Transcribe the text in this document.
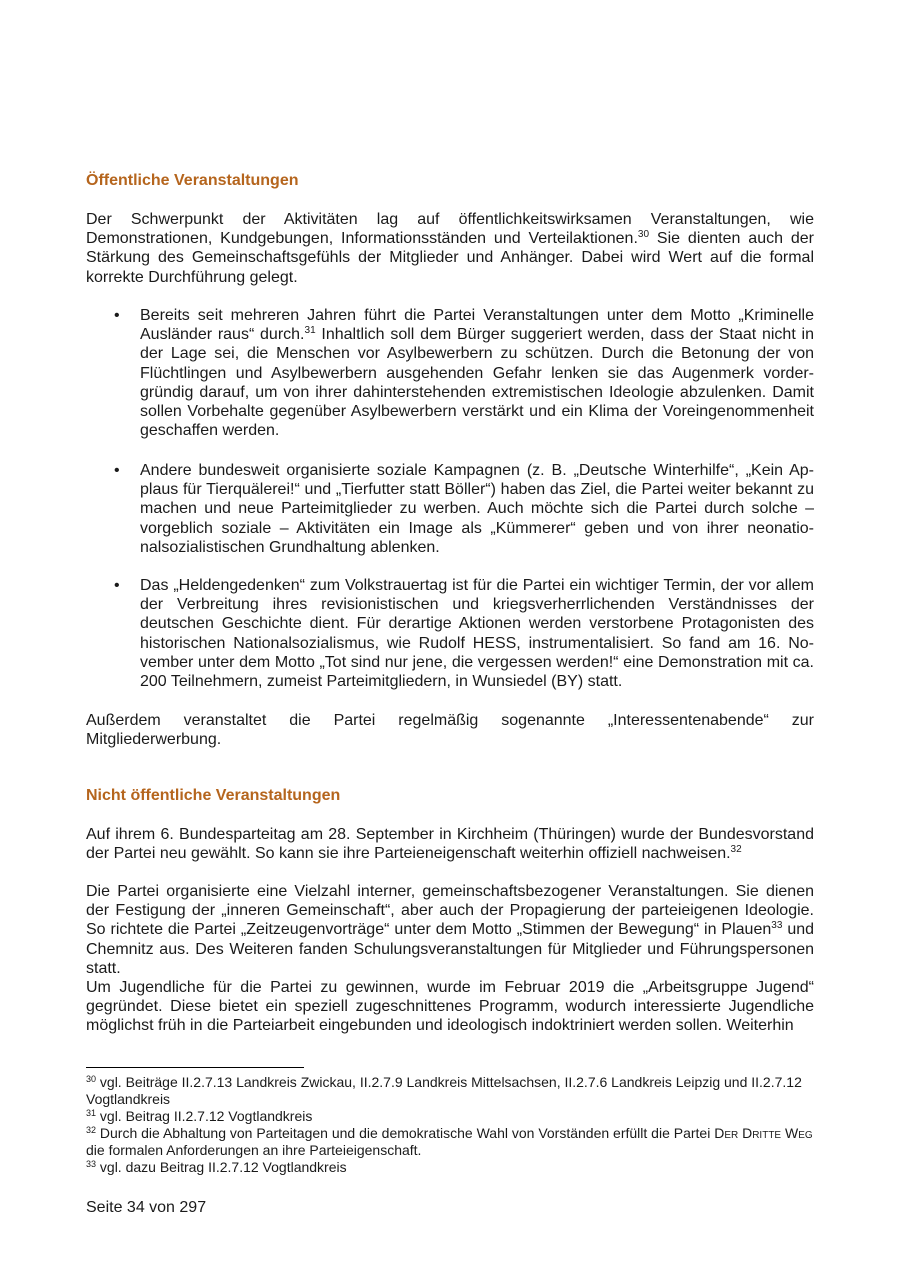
Öffentliche Veranstaltungen

Der Schwerpunkt der Aktivitäten lag auf öffentlichkeitswirksamen Veranstaltungen, wie Demonstrationen, Kundgebungen, Informationsständen und Verteilaktionen.$^{30}$ Sie dienten auch der Stärkung des Gemeinschaftsgefühls der Mitglieder und Anhänger. Dabei wird Wert auf die formal korrekte Durchführung gelegt.

• Bereits seit mehreren Jahren führt die Partei Veranstaltungen unter dem Motto „Kriminelle Ausländer raus“ durch.$^{31}$ Inhaltlich soll dem Bürger suggeriert werden, dass der Staat nicht in der Lage sei, die Menschen vor Asylbewerbern zu schützen. Durch die Betonung der von Flüchtlingen und Asylbewerbern ausgehenden Gefahr lenken sie das Augenmerk vordergründig darauf, um von ihrer dahinterstehenden extremistischen Ideologie abzulenken. Damit sollen Vorbehalte gegenüber Asylbewerbern verstärkt und ein Klima der Voreingenommenheit geschaffen werden.
• Andere bundesweit organisierte soziale Kampagnen (z. B. „Deutsche Winterhilfe“, „Kein Applaus für Tierquälerei!“ und „Tierfutter statt Böller“) haben das Ziel, die Partei weiter bekannt zu machen und neue Parteimitglieder zu werben. Auch möchte sich die Partei durch solche – vorgeblich soziale – Aktivitäten ein Image als „Kümmerer“ geben und von ihrer neonationalsozialistischen Grundhaltung ablenken.
• Das „Heldengedenken“ zum Volkstrauertag ist für die Partei ein wichtiger Termin, der vor allem der Verbreitung ihres revisionistischen und kriegsverherrlichenden Verständnisses der deutschen Geschichte dient. Für derartige Aktionen werden verstorbene Protagonisten des historischen Nationalsozialismus, wie Rudolf HESS, instrumentalisiert. So fand am 16. November unter dem Motto „Tot sind nur jene, die vergessen werden!“ eine Demonstration mit ca. 200 Teilnehmern, zumeist Parteimitgliedern, in Wunsiedel (BY) statt.

Außerdem veranstaltet die Partei regelmäßig sogenannte „Interessentenabende“ zur Mitgliederwerbung.

Nicht öffentliche Veranstaltungen

Auf ihrem 6. Bundesparteitag am 28. September in Kirchheim (Thüringen) wurde der Bundesvorstand der Partei neu gewählt. So kann sie ihre Parteieneigenschaft weiterhin offiziell nachweisen.$^{32}$

Die Partei organisierte eine Vielzahl interner, gemeinschaftsbezogener Veranstaltungen. Sie dienen der Festigung der „inneren Gemeinschaft“, aber auch der Propagierung der parteieigenen Ideologie. So richtete die Partei „Zeitzeugenvorträge“ unter dem Motto „Stimmen der Bewegung“ in Plauen$^{33}$ und Chemnitz aus. Des Weiteren fanden Schulungsveranstaltungen für Mitglieder und Führungspersonen statt.

Um Jugendliche für die Partei zu gewinnen, wurde im Februar 2019 die „Arbeitsgruppe Jugend“ gegründet. Diese bietet ein speziell zugeschnittenes Programm, wodurch interessierte Jugendliche möglichst früh in die Parteiarbeit eingebunden und ideologisch indoktriniert werden sollen. Weiterhin

$^{30}$ vgl. Beiträge II.2.7.13 Landkreis Zwickau, II.2.7.9 Landkreis Mittelsachsen, II.2.7.6 Landkreis Leipzig und II.2.7.12 Vogtlandkreis

$^{31}$ vgl. Beitrag II.2.7.12 Vogtlandkreis

$^{32}$ Durch die Abhaltung von Parteitagen und die demokratische Wahl von Vorständen erfüllt die Partei Der Dritte Weg die formalen Anforderungen an ihre Parteieigenschaft.

$^{33}$ vgl. dazu Beitrag II.2.7.12 Vogtlandkreis

Seite 34 von 297
